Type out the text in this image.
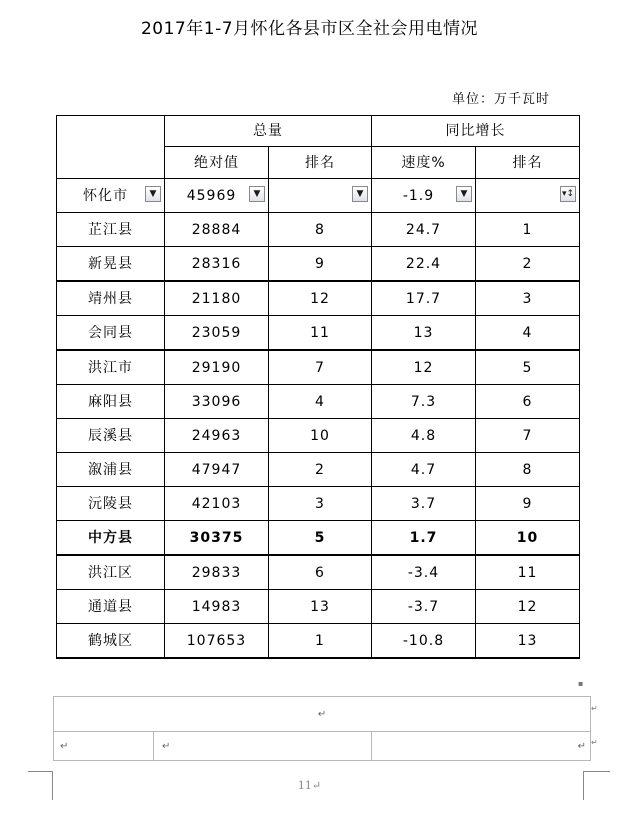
2017年1-7月怀化各县市区全社会用电情况
单位：万千瓦时
	总量		同比增长	
	绝对值	排名	速度%	排名
怀化市 ▼	45969 ▼	▼	-1.9 ▼	▾↕

芷江县	28884	8	24.7	1
新晃县	28316	9	22.4	2
靖州县	21180	12	17.7	3
会同县	23059	11	13	4
洪江市	29190	7	12	5
麻阳县	33096	4	7.3	6
辰溪县	24963	10	4.8	7
溆浦县	47947	2	4.7	8
沅陵县	42103	3	3.7	9
中方县	30375	5	1.7	10
洪江区	29833	6	-3.4	11
通道县	14983	13	-3.7	12
鹤城区	107653	1	-10.8	13
▪
↵
↵	↵	↵
↵
↵
11↵
